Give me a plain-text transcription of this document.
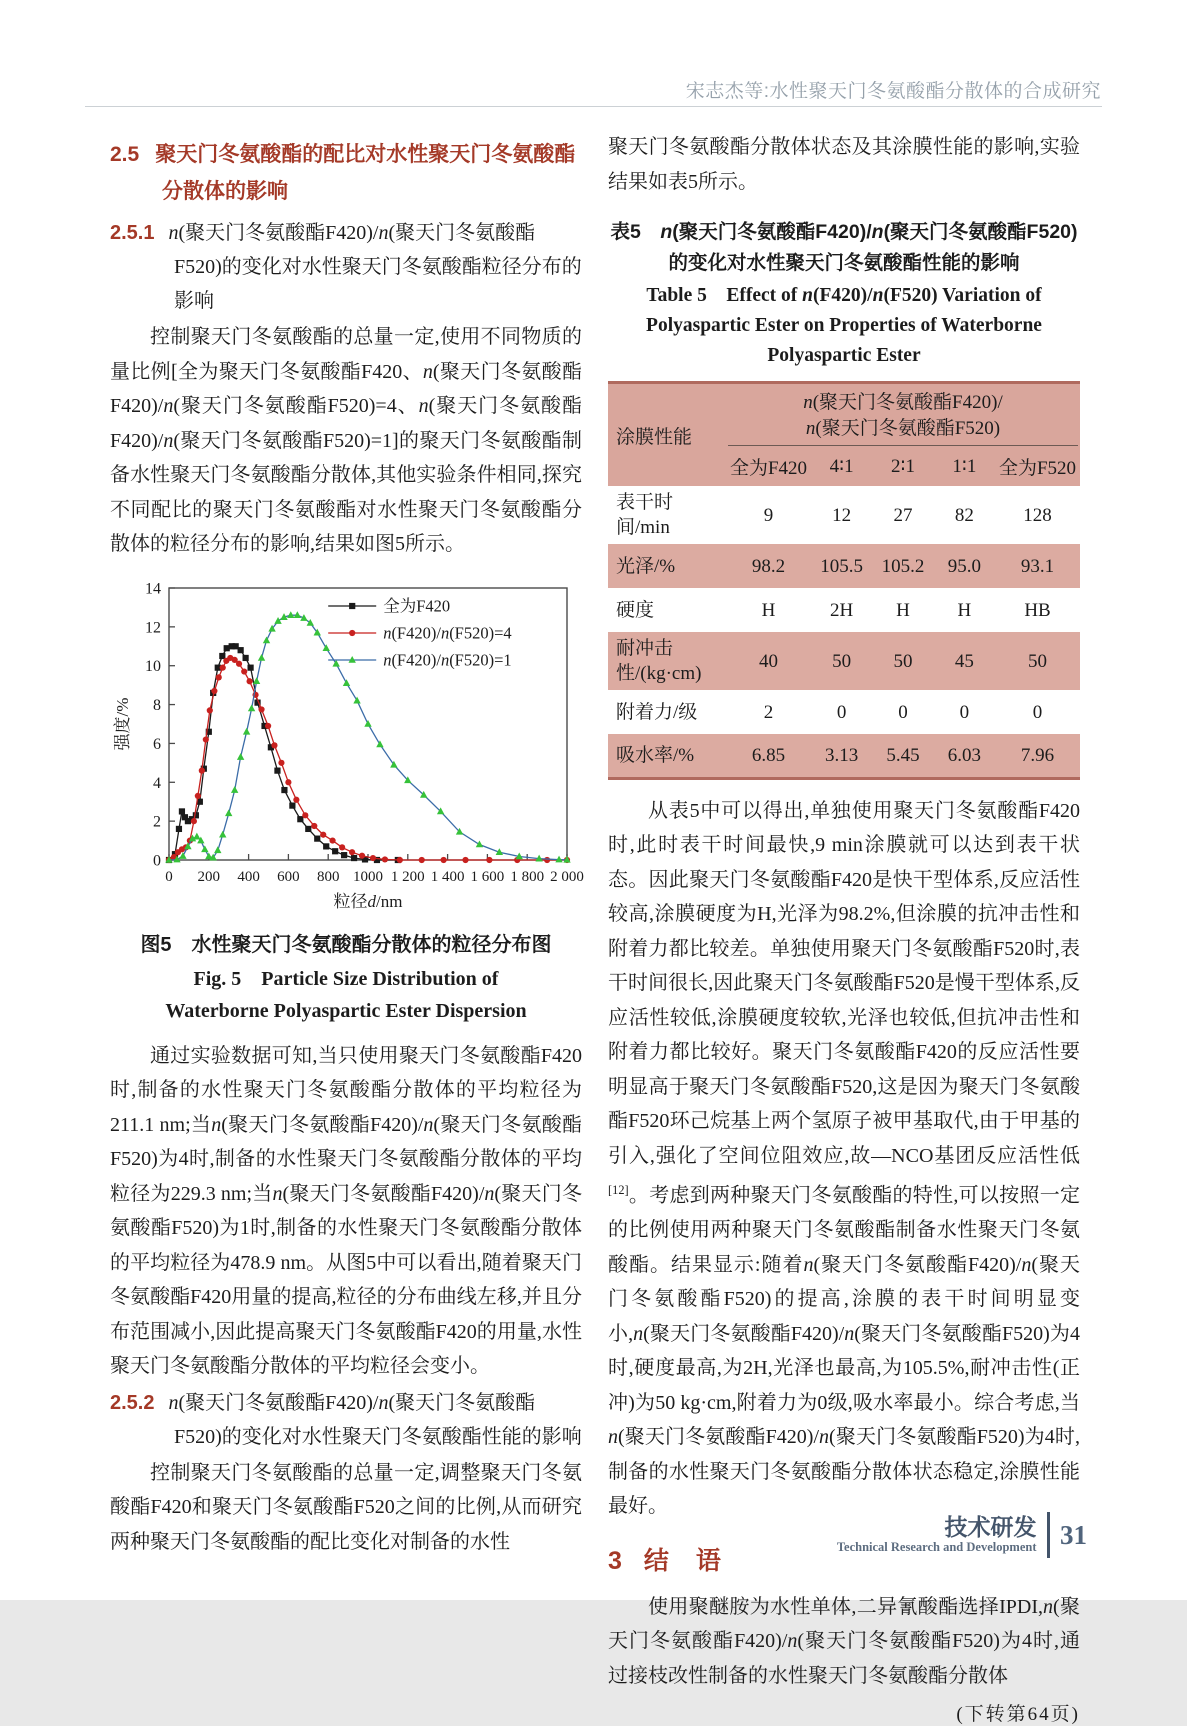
宋志杰等:水性聚天门冬氨酸酯分散体的合成研究
2.5 聚天门冬氨酸酯的配比对水性聚天门冬氨酸酯分散体的影响
2.5.1 n(聚天门冬氨酸酯F420)/n(聚天门冬氨酸酯F520)的变化对水性聚天门冬氨酸酯粒径分布的影响

控制聚天门冬氨酸酯的总量一定,使用不同物质的量比例[全为聚天门冬氨酸酯F420、n(聚天门冬氨酸酯F420)/n(聚天门冬氨酸酯F520)=4、n(聚天门冬氨酸酯F420)/n(聚天门冬氨酸酯F520)=1]的聚天门冬氨酸酯制备水性聚天门冬氨酸酯分散体,其他实验条件相同,探究不同配比的聚天门冬氨酸酯对水性聚天门冬氨酸酯分散体的粒径分布的影响,结果如图5所示。

0 200 400 600 800 1000 1 200 1 400 1 600 1 800 2 000
0
2
4
6
8
10
12
14
粒径d/nm
强度/%
全为F420
n(F420)/n(F520)=4
n(F420)/n(F520)=1
图5　水性聚天门冬氨酸酯分散体的粒径分布图
Fig. 5　Particle Size Distribution of Waterborne Polyaspartic Ester Dispersion

通过实验数据可知,当只使用聚天门冬氨酸酯F420时,制备的水性聚天门冬氨酸酯分散体的平均粒径为211.1 nm;当n(聚天门冬氨酸酯F420)/n(聚天门冬氨酸酯F520)为4时,制备的水性聚天门冬氨酸酯分散体的平均粒径为229.3 nm;当n(聚天门冬氨酸酯F420)/n(聚天门冬氨酸酯F520)为1时,制备的水性聚天门冬氨酸酯分散体的平均粒径为478.9 nm。从图5中可以看出,随着聚天门冬氨酸酯F420用量的提高,粒径的分布曲线左移,并且分布范围减小,因此提高聚天门冬氨酸酯F420的用量,水性聚天门冬氨酸酯分散体的平均粒径会变小。

2.5.2 n(聚天门冬氨酸酯F420)/n(聚天门冬氨酸酯F520)的变化对水性聚天门冬氨酸酯性能的影响

控制聚天门冬氨酸酯的总量一定,调整聚天门冬氨酸酯F420和聚天门冬氨酸酯F520之间的比例,从而研究两种聚天门冬氨酸酯的配比变化对制备的水性

聚天门冬氨酸酯分散体状态及其涂膜性能的影响,实验结果如表5所示。

表5　n(聚天门冬氨酸酯F420)/n(聚天门冬氨酸酯F520)的变化对水性聚天门冬氨酸酯性能的影响
Table 5　Effect of n(F420)/n(F520) Variation of Polyaspartic Ester on Properties of Waterborne Polyaspartic Ester
涂膜性能	n(聚天门冬氨酸酯F420)/
n(聚天门冬氨酸酯F520)				

	全为F420	4∶1	2∶1	1∶1	全为F520
表干时间/min	9	12	27	82	128
光泽/%	98.2	105.5	105.2	95.0	93.1
硬度	H	2H	H	H	HB
耐冲击性/(kg·cm)	40	50	50	45	50
附着力/级	2	0	0	0	0
吸水率/%	6.85	3.13	5.45	6.03	7.96

从表5中可以得出,单独使用聚天门冬氨酸酯F420时,此时表干时间最快,9 min涂膜就可以达到表干状态。因此聚天门冬氨酸酯F420是快干型体系,反应活性较高,涂膜硬度为H,光泽为98.2%,但涂膜的抗冲击性和附着力都比较差。单独使用聚天门冬氨酸酯F520时,表干时间很长,因此聚天门冬氨酸酯F520是慢干型体系,反应活性较低,涂膜硬度较软,光泽也较低,但抗冲击性和附着力都比较好。聚天门冬氨酸酯F420的反应活性要明显高于聚天门冬氨酸酯F520,这是因为聚天门冬氨酸酯F520环己烷基上两个氢原子被甲基取代,由于甲基的引入,强化了空间位阻效应,故—NCO基团反应活性低[12]。考虑到两种聚天门冬氨酸酯的特性,可以按照一定的比例使用两种聚天门冬氨酸酯制备水性聚天门冬氨酸酯。结果显示:随着n(聚天门冬氨酸酯F420)/n(聚天门冬氨酸酯F520)的提高,涂膜的表干时间明显变小,n(聚天门冬氨酸酯F420)/n(聚天门冬氨酸酯F520)为4时,硬度最高,为2H,光泽也最高,为105.5%,耐冲击性(正冲)为50 kg·cm,附着力为0级,吸水率最小。综合考虑,当n(聚天门冬氨酸酯F420)/n(聚天门冬氨酸酯F520)为4时,制备的水性聚天门冬氨酸酯分散体状态稳定,涂膜性能最好。

3 结　语

使用聚醚胺为水性单体,二异氰酸酯选择IPDI,n(聚天门冬氨酸酯F420)/n(聚天门冬氨酸酯F520)为4时,通过接枝改性制备的水性聚天门冬氨酸酯分散体

(下转第64页)
技术研发
Technical Research and Development 31
